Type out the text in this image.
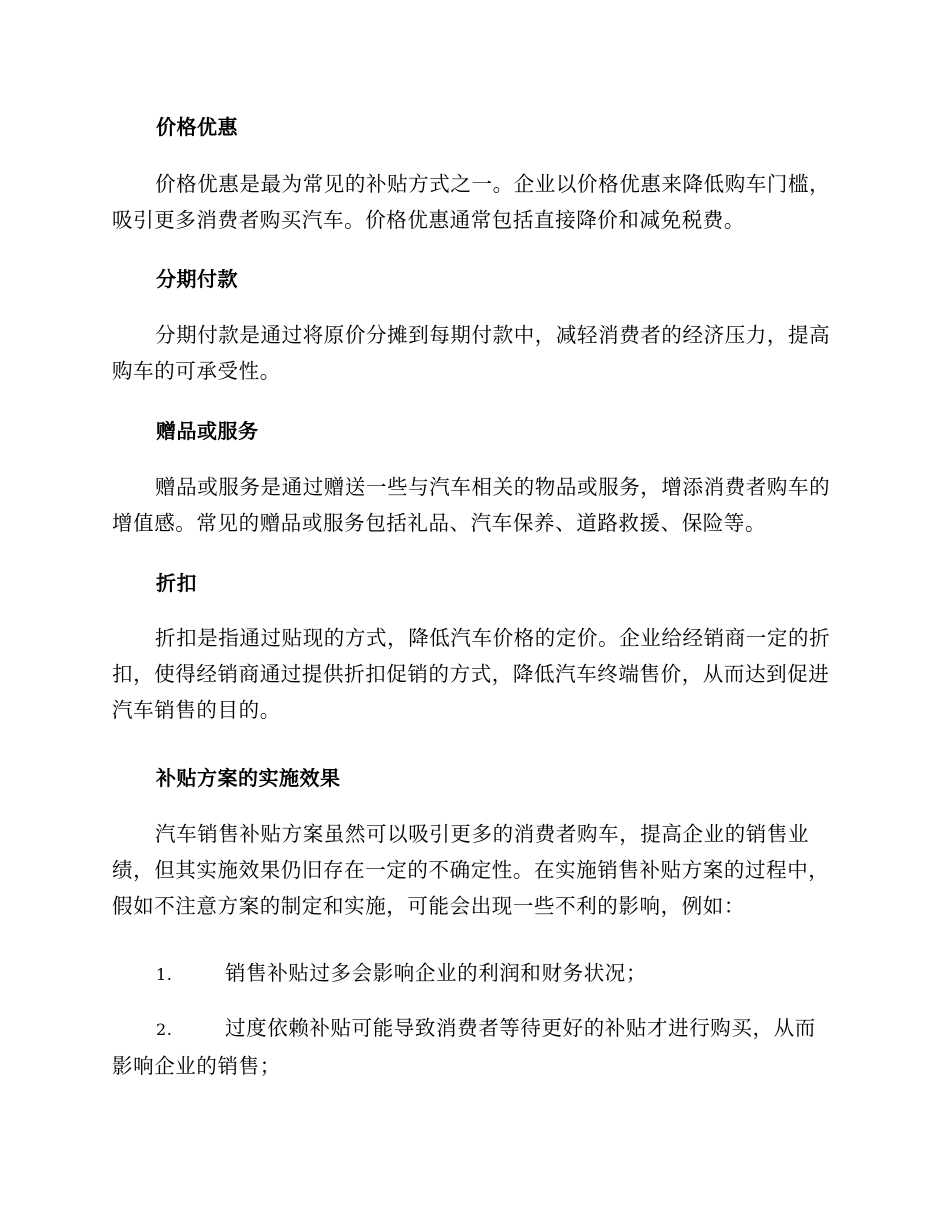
价格优惠
价格优惠是最为常见的补贴方式之一。企业以价格优惠来降低购车门槛，吸引更多消费者购买汽车。价格优惠通常包括直接降价和减免税费。
分期付款
分期付款是通过将原价分摊到每期付款中，减轻消费者的经济压力，提高购车的可承受性。
赠品或服务
赠品或服务是通过赠送一些与汽车相关的物品或服务，增添消费者购车的增值感。常见的赠品或服务包括礼品、汽车保养、道路救援、保险等。
折扣
折扣是指通过贴现的方式，降低汽车价格的定价。企业给经销商一定的折扣，使得经销商通过提供折扣促销的方式，降低汽车终端售价，从而达到促进汽车销售的目的。
补贴方案的实施效果
汽车销售补贴方案虽然可以吸引更多的消费者购车，提高企业的销售业绩，但其实施效果仍旧存在一定的不确定性。在实施销售补贴方案的过程中，假如不注意方案的制定和实施，可能会出现一些不利的影响，例如：
1.	销售补贴过多会影响企业的利润和财务状况；
2.	过度依赖补贴可能导致消费者等待更好的补贴才进行购买，从而影响企业的销售；
